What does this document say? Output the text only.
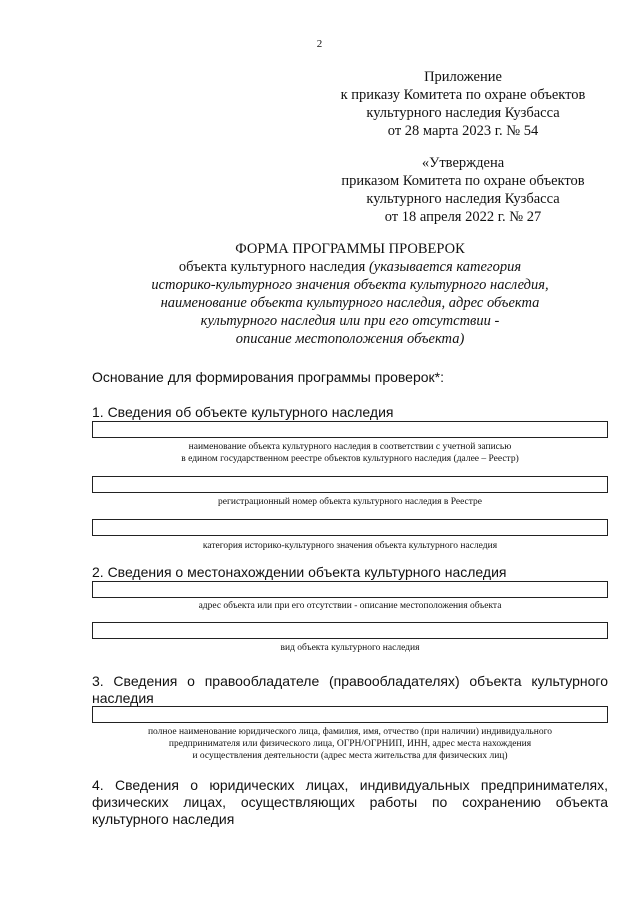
2
Приложение
к приказу Комитета по охране объектов
культурного наследия Кузбасса
от 28 марта 2023 г. № 54
«Утверждена
приказом Комитета по охране объектов
культурного наследия Кузбасса
от 18 апреля 2022 г. № 27
ФОРМА ПРОГРАММЫ ПРОВЕРОК
объекта культурного наследия (указывается категория
историко-культурного значения объекта культурного наследия,
наименование объекта культурного наследия, адрес объекта
культурного наследия или при его отсутствии -
описание местоположения объекта)
Основание для формирования программы проверок*:
1. Сведения об объекте культурного наследия
наименование объекта культурного наследия в соответствии с учетной записью
в едином государственном реестре объектов культурного наследия (далее – Реестр)
регистрационный номер объекта культурного наследия в Реестре
категория историко-культурного значения объекта культурного наследия
2. Сведения о местонахождении объекта культурного наследия
адрес объекта или при его отсутствии - описание местоположения объекта
вид объекта культурного наследия
3. Сведения о правообладателе (правообладателях) объекта культурного
наследия
полное наименование юридического лица, фамилия, имя, отчество (при наличии) индивидуального
предпринимателя или физического лица, ОГРН/ОГРНИП, ИНН, адрес места нахождения
и осуществления деятельности (адрес места жительства для физических лиц)
4. Сведения о юридических лицах, индивидуальных предпринимателях,
физических лицах, осуществляющих работы по сохранению объекта
культурного наследия
